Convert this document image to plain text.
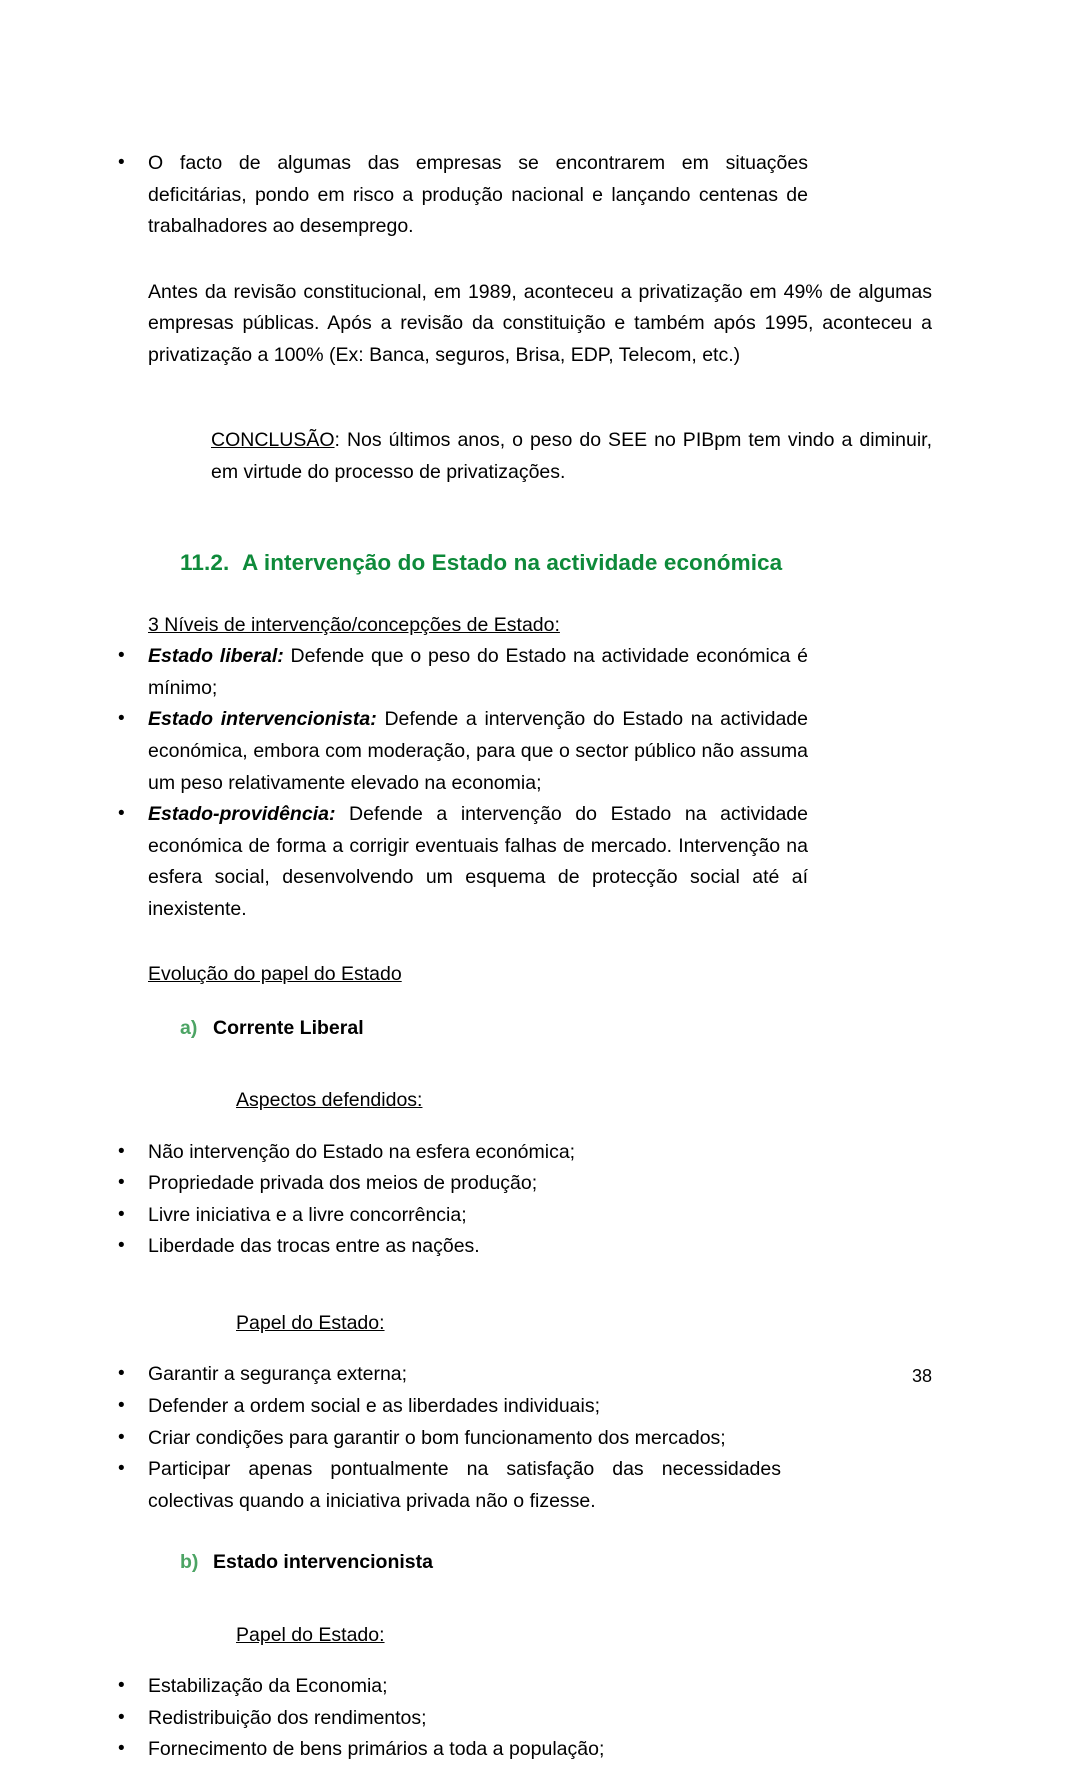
• O facto de algumas das empresas se encontrarem em situações deficitárias, pondo em risco a produção nacional e lançando centenas de trabalhadores ao desemprego.

Antes da revisão constitucional, em 1989, aconteceu a privatização em 49% de algumas empresas públicas. Após a revisão da constituição e também após 1995, aconteceu a privatização a 100% (Ex: Banca, seguros, Brisa, EDP, Telecom, etc.)

CONCLUSÃO: Nos últimos anos, o peso do SEE no PIBpm tem vindo a diminuir, em virtude do processo de privatizações.

11.2. A intervenção do Estado na actividade económica

3 Níveis de intervenção/concepções de Estado:

• Estado liberal: Defende que o peso do Estado na actividade económica é mínimo;
• Estado intervencionista: Defende a intervenção do Estado na actividade económica, embora com moderação, para que o sector público não assuma um peso relativamente elevado na economia;
• Estado-providência: Defende a intervenção do Estado na actividade económica de forma a corrigir eventuais falhas de mercado. Intervenção na esfera social, desenvolvendo um esquema de protecção social até aí inexistente.

Evolução do papel do Estado

a) Corrente Liberal

Aspectos defendidos:

• Não intervenção do Estado na esfera económica;
• Propriedade privada dos meios de produção;
• Livre iniciativa e a livre concorrência;
• Liberdade das trocas entre as nações.

Papel do Estado:

• Garantir a segurança externa;
• Defender a ordem social e as liberdades individuais;
• Criar condições para garantir o bom funcionamento dos mercados;
• Participar apenas pontualmente na satisfação das necessidades colectivas quando a iniciativa privada não o fizesse.
b) Estado intervencionista

Papel do Estado:

• Estabilização da Economia;
• Redistribuição dos rendimentos;
• Fornecimento de bens primários a toda a população;
38
